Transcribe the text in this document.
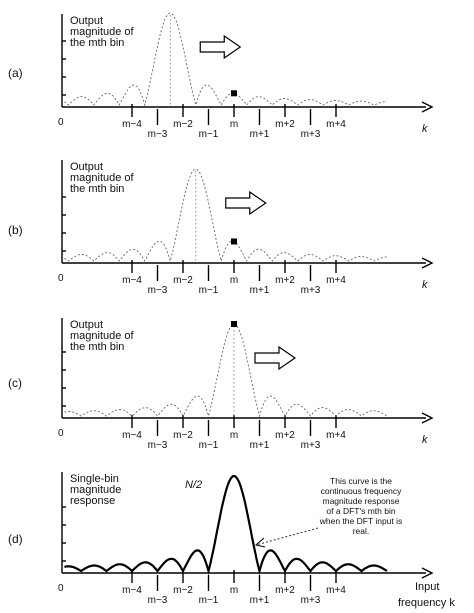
(a)
0
Output
magnitude of
the mth bin
m−4	m−2	m	m+2	m+4
m−3	m−1	m+1	m+3	k
(b)
0
Output
magnitude of
the mth bin
m−4	m−2	m	m+2	m+4
m−3	m−1	m+1	m+3	k
(c)
0
Output
magnitude of
the mth bin
m−4	m−2	m	m+2	m+4
m−3	m−1	m+1	m+3	k
(d)
0
Single-bin
magnitude
response
m−4	m−2	m	m+2	m+4
m−3	m−1	m+1	m+3
Input
frequency k
N/2	This curve is the
continuous frequency
magnitude response
of a DFT's mth bin
when the DFT input is
real.
